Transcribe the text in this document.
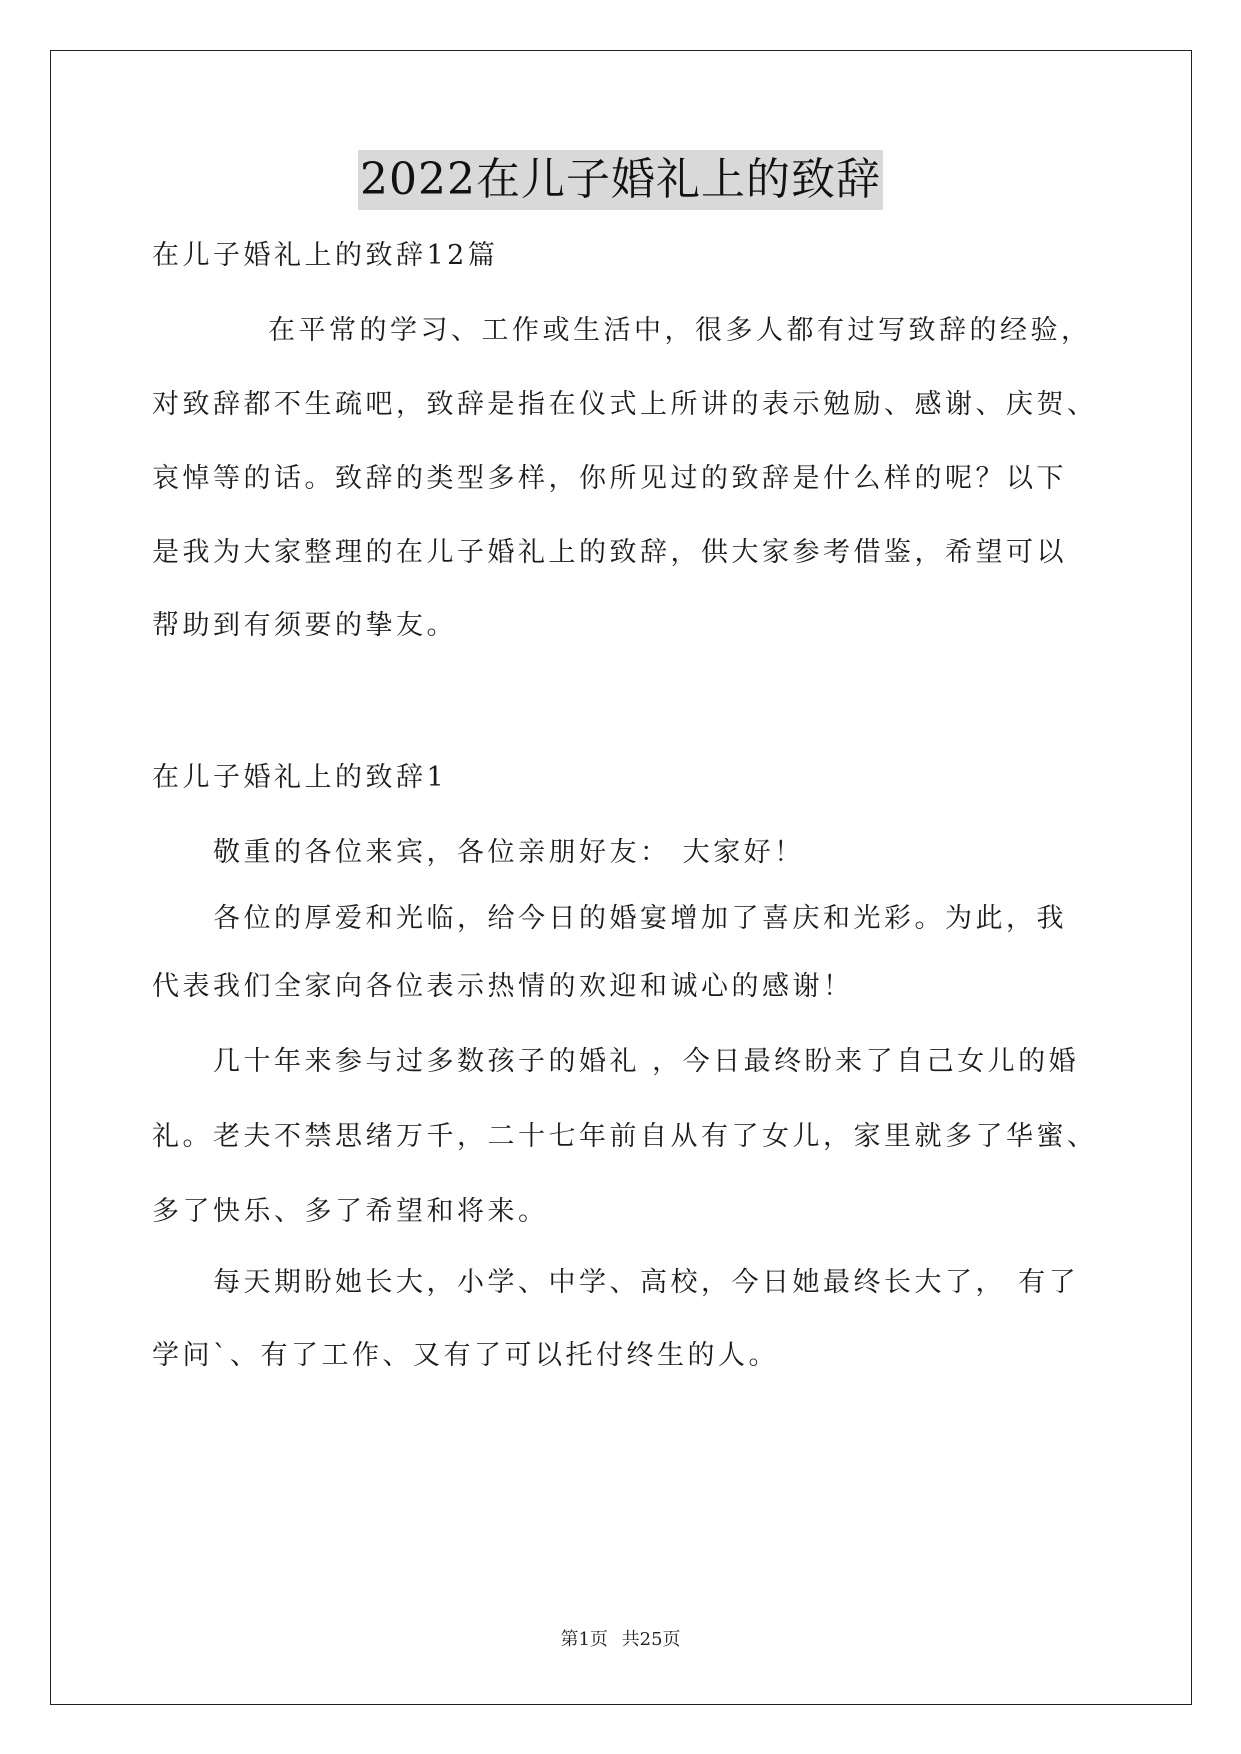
2022在儿子婚礼上的致辞
在儿子婚礼上的致辞12篇
在平常的学习、工作或生活中，很多人都有过写致辞的经验，
对致辞都不生疏吧，致辞是指在仪式上所讲的表示勉励、感谢、庆贺、
哀悼等的话。致辞的类型多样，你所见过的致辞是什么样的呢？以下
是我为大家整理的在儿子婚礼上的致辞，供大家参考借鉴，希望可以
帮助到有须要的挚友。
在儿子婚礼上的致辞1
敬重的各位来宾，各位亲朋好友： 大家好！
各位的厚爱和光临，给今日的婚宴增加了喜庆和光彩。为此，我
代表我们全家向各位表示热情的欢迎和诚心的感谢！
几十年来参与过多数孩子的婚礼 ，今日最终盼来了自己女儿的婚
礼。老夫不禁思绪万千，二十七年前自从有了女儿，家里就多了华蜜、
多了快乐、多了希望和将来。
每天期盼她长大，小学、中学、高校，今日她最终长大了， 有了
学问`、有了工作、又有了可以托付终生的人。
第1页 共25页
